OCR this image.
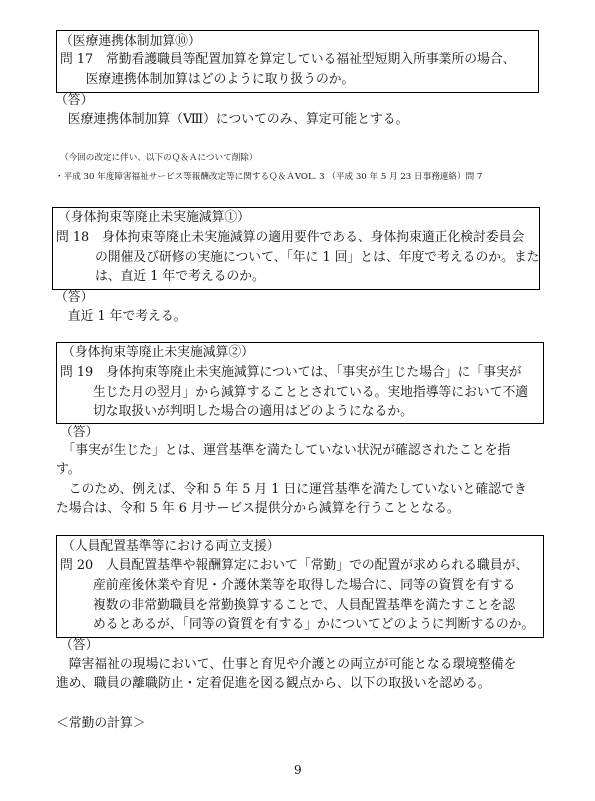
（医療連携体制加算⑩）
問 17　常勤看護職員等配置加算を算定している福祉型短期入所事業所の場合、
　　医療連携体制加算はどのように取り扱うのか。
（答）
　医療連携体制加算（Ⅷ）についてのみ、算定可能とする。
（今回の改定に伴い、以下のＱ＆Ａについて削除）
・平成 30 年度障害福祉サービス等報酬改定等に関するＱ＆ＡVOL. 3 （平成 30 年 5 月 23 日事務連絡）問 7
（身体拘束等廃止未実施減算①）
問 18　身体拘束等廃止未実施減算の適用要件である、身体拘束適正化検討委員会
の開催及び研修の実施について、「年に 1 回」とは、年度で考えるのか。また
は、直近 1 年で考えるのか。
（答）
　直近 1 年で考える。
（身体拘束等廃止未実施減算②）
問 19　身体拘束等廃止未実施減算については、「事実が生じた場合」に「事実が
生じた月の翌月」から減算することとされている。実地指導等において不適
切な取扱いが判明した場合の適用はどのようになるか。
（答）
　「事実が生じた」とは、運営基準を満たしていない状況が確認されたことを指
す。
　このため、例えば、令和 5 年 5 月 1 日に運営基準を満たしていないと確認でき
た場合は、令和 5 年 6 月サービス提供分から減算を行うこととなる。
（人員配置基準等における両立支援）
問 20　人員配置基準や報酬算定において「常勤」での配置が求められる職員が、
産前産後休業や育児・介護休業等を取得した場合に、同等の資質を有する
複数の非常勤職員を常勤換算することで、人員配置基準を満たすことを認
めるとあるが、「同等の資質を有する」かについてどのように判断するのか。
（答）
　障害福祉の現場において、仕事と育児や介護との両立が可能となる環境整備を
進め、職員の離職防止・定着促進を図る観点から、以下の取扱いを認める。
＜常勤の計算＞
9
